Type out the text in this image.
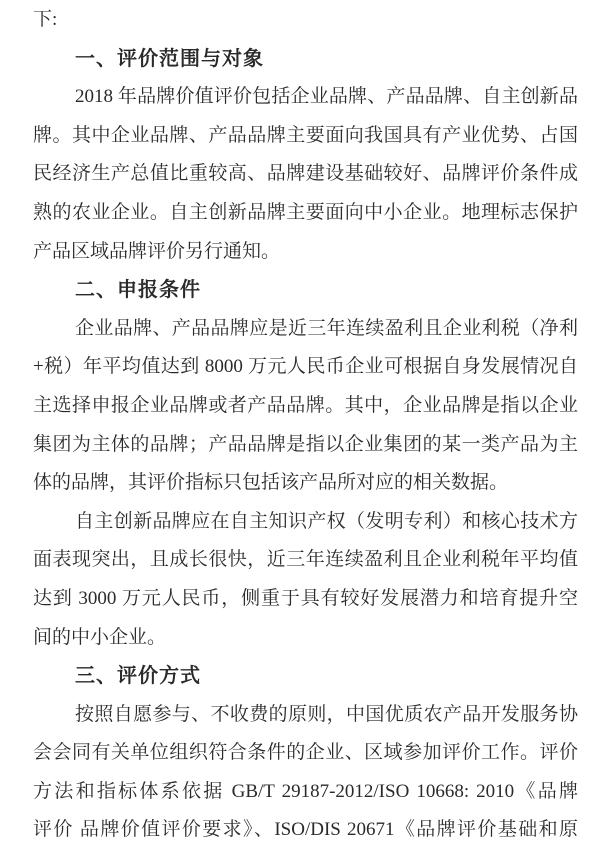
下:
一、评价范围与对象
2018 年品牌价值评价包括企业品牌、产品品牌、自主创新品
牌。其中企业品牌、产品品牌主要面向我国具有产业优势、占国
民经济生产总值比重较高、品牌建设基础较好、品牌评价条件成
熟的农业企业。自主创新品牌主要面向中小企业。地理标志保护
产品区域品牌评价另行通知。
二、申报条件
企业品牌、产品品牌应是近三年连续盈利且企业利税（净利
+税）年平均值达到 8000 万元人民币企业可根据自身发展情况自
主选择申报企业品牌或者产品品牌。其中，企业品牌是指以企业
集团为主体的品牌；产品品牌是指以企业集团的某一类产品为主
体的品牌，其评价指标只包括该产品所对应的相关数据。
自主创新品牌应在自主知识产权（发明专利）和核心技术方
面表现突出，且成长很快，近三年连续盈利且企业利税年平均值
达到 3000 万元人民币，侧重于具有较好发展潜力和培育提升空
间的中小企业。
三、评价方式
按照自愿参与、不收费的原则，中国优质农产品开发服务协
会会同有关单位组织符合条件的企业、区域参加评价工作。评价
方法和指标体系依据 GB/T 29187-2012/ISO 10668: 2010《品牌
评价 品牌价值评价要求》、ISO/DIS 20671《品牌评价基础和原
